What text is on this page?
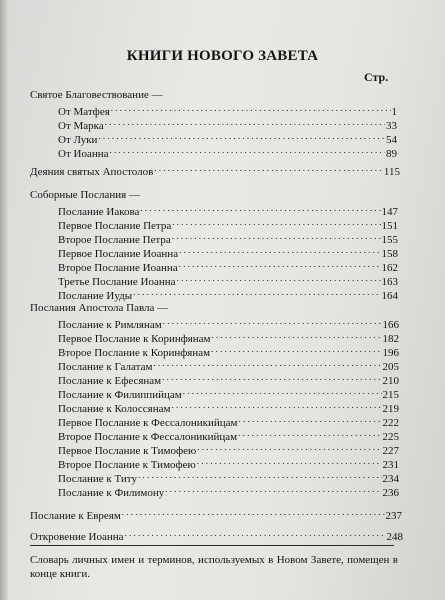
КНИГИ НОВОГО ЗАВЕТА
Стр.
Святое Благовествование —
От Матфея . . .	1
От Марка . . .	33
От Луки . . .	54
От Иоанна . . .	89
Деяния святых Апостолов . . .	115
Соборные Послания —
Послание Иакова . . .	147
Первое Послание Петра . . .	151
Второе Послание Петра . . .	155
Первое Послание Иоанна . . .	158
Второе Послание Иоанна . . .	162
Третье Послание Иоанна . . .	163
Послание Иуды . . .	164
Послания Апостола Павла —
Послание к Римлянам . . .	166
Первое Послание к Коринфянам . . .	182
Второе Послание к Коринфянам . . .	196
Послание к Галатам . . .	205
Послание к Ефесянам . . .	210
Послание к Филиппийцам . . .	215
Послание к Колоссянам . . .	219
Первое Послание к Фессалоникийцам . . .	222
Второе Послание к Фессалоникийцам . . .	225
Первое Послание к Тимофею . . .	227
Второе Послание к Тимофею . . .	231
Послание к Титу . . .	234
Послание к Филимону . . .	236
Послание к Евреям . . .	237
Откровение Иоанна . . .	248
Словарь личных имен и терминов, используемых в Новом Завете, помещен в конце книги.
